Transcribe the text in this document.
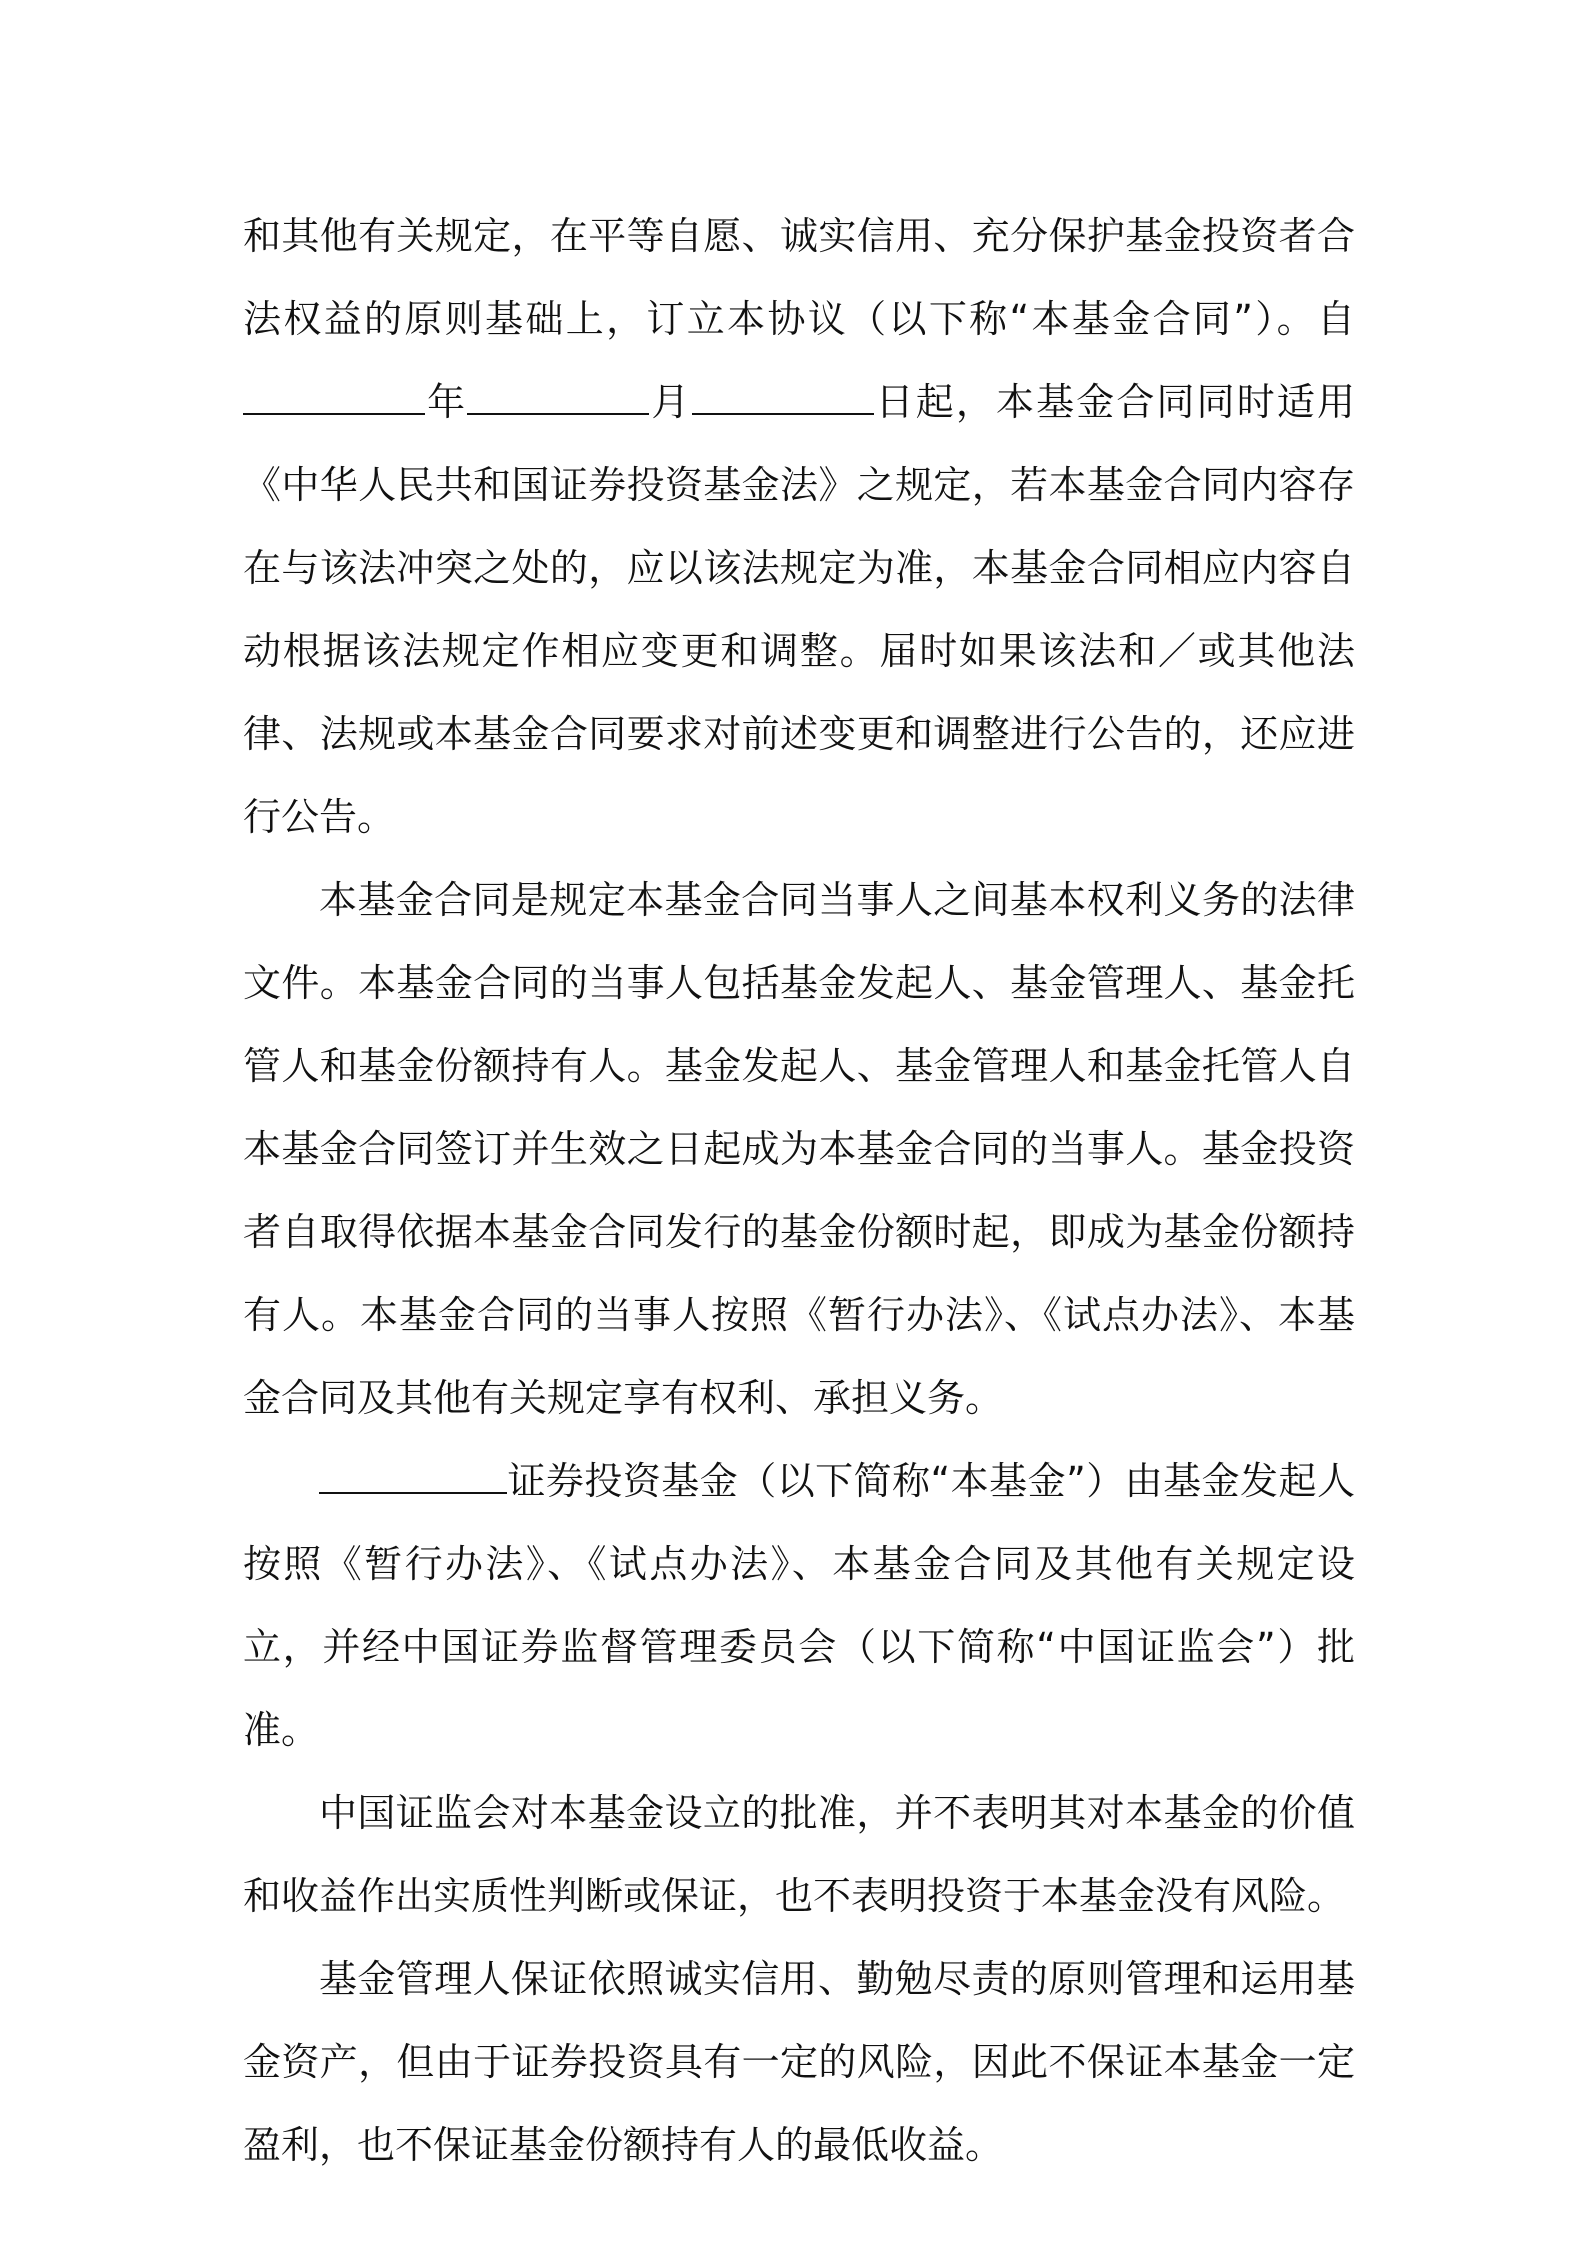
和其他有关规定，在平等自愿、诚实信用、充分保护基金投资者合法权益的原则基础上，订立本协议（以下称“本基金合同”）。自年	月	日起，本基金合同同时适用《中华人民共和国证券投资基金法》之规定，若本基金合同内容存在与该法冲突之处的，应以该法规定为准，本基金合同相应内容自动根据该法规定作相应变更和调整。届时如果该法和／或其他法律、法规或本基金合同要求对前述变更和调整进行公告的，还应进行公告。

本基金合同是规定本基金合同当事人之间基本权利义务的法律文件。本基金合同的当事人包括基金发起人、基金管理人、基金托管人和基金份额持有人。基金发起人、基金管理人和基金托管人自本基金合同签订并生效之日起成为本基金合同的当事人。基金投资者自取得依据本基金合同发行的基金份额时起，即成为基金份额持有人。本基金合同的当事人按照《暂行办法》、《试点办法》、本基金合同及其他有关规定享有权利、承担义务。

证券投资基金（以下简称“本基金”）由基金发起人按照《暂行办法》、《试点办法》、本基金合同及其他有关规定设立，并经中国证券监督管理委员会（以下简称“中国证监会”）批准。

中国证监会对本基金设立的批准，并不表明其对本基金的价值和收益作出实质性判断或保证，也不表明投资于本基金没有风险。

基金管理人保证依照诚实信用、勤勉尽责的原则管理和运用基金资产，但由于证券投资具有一定的风险，因此不保证本基金一定盈利，也不保证基金份额持有人的最低收益。
